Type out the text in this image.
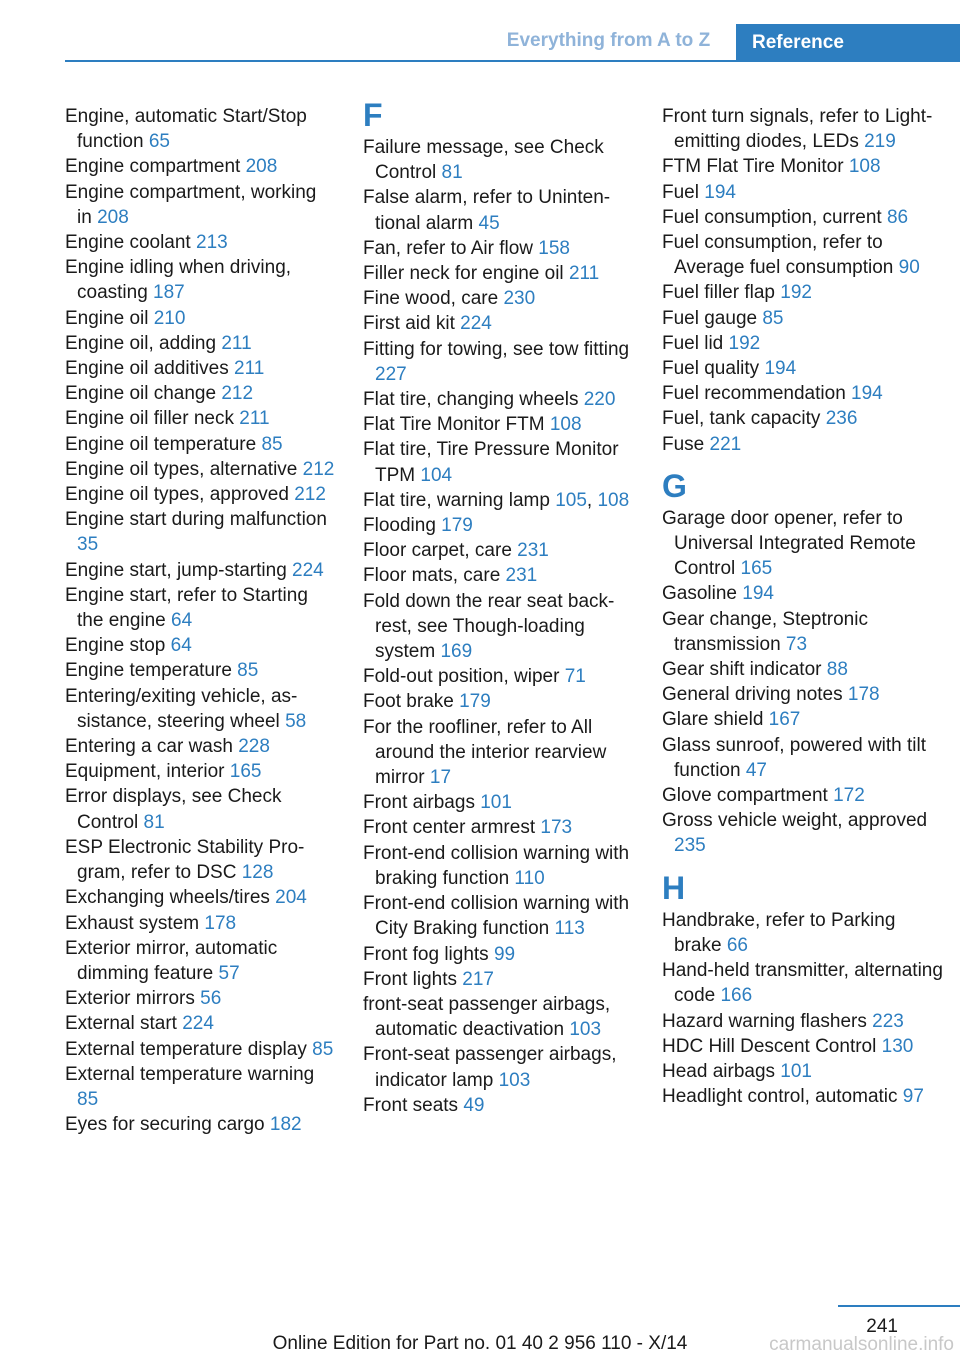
Everything from A to Z	Reference
Engine, automatic Start/Stop function 65
Engine compartment 208
Engine compartment, working in 208
Engine coolant 213
Engine idling when driving, coasting 187
Engine oil 210
Engine oil, adding 211
Engine oil additives 211
Engine oil change 212
Engine oil filler neck 211
Engine oil temperature 85
Engine oil types, alternative 212
Engine oil types, approved 212
Engine start during malfunction 35
Engine start, jump-starting 224
Engine start, refer to Starting the engine 64
Engine stop 64
Engine temperature 85
Entering/exiting vehicle, assistance, steering wheel 58
Entering a car wash 228
Equipment, interior 165
Error displays, see Check Control 81
ESP Electronic Stability Program, refer to DSC 128
Exchanging wheels/tires 204
Exhaust system 178
Exterior mirror, automatic dimming feature 57
Exterior mirrors 56
External start 224
External temperature display 85
External temperature warning 85
Eyes for securing cargo 182
F
Failure message, see Check Control 81
False alarm, refer to Unintentional alarm 45
Fan, refer to Air flow 158
Filler neck for engine oil 211
Fine wood, care 230
First aid kit 224
Fitting for towing, see tow fitting 227
Flat tire, changing wheels 220
Flat Tire Monitor FTM 108
Flat tire, Tire Pressure Monitor TPM 104
Flat tire, warning lamp 105, 108
Flooding 179
Floor carpet, care 231
Floor mats, care 231
Fold down the rear seat backrest, see Though-loading system 169
Fold-out position, wiper 71
Foot brake 179
For the roofliner, refer to All around the interior rearview mirror 17
Front airbags 101
Front center armrest 173
Front-end collision warning with braking function 110
Front-end collision warning with City Braking function 113
Front fog lights 99
Front lights 217
front-seat passenger airbags, automatic deactivation 103
Front-seat passenger airbags, indicator lamp 103
Front seats 49
Front turn signals, refer to Light-emitting diodes, LEDs 219
FTM Flat Tire Monitor 108
Fuel 194
Fuel consumption, current 86
Fuel consumption, refer to Average fuel consumption 90
Fuel filler flap 192
Fuel gauge 85
Fuel lid 192
Fuel quality 194
Fuel recommendation 194
Fuel, tank capacity 236
Fuse 221
G
Garage door opener, refer to Universal Integrated Remote Control 165
Gasoline 194
Gear change, Steptronic transmission 73
Gear shift indicator 88
General driving notes 178
Glare shield 167
Glass sunroof, powered with tilt function 47
Glove compartment 172
Gross vehicle weight, approved 235
H
Handbrake, refer to Parking brake 66
Hand-held transmitter, alternating code 166
Hazard warning flashers 223
HDC Hill Descent Control 130
Head airbags 101
Headlight control, automatic 97
241
Online Edition for Part no. 01 40 2 956 110 - X/14	carmanualsonline.info
